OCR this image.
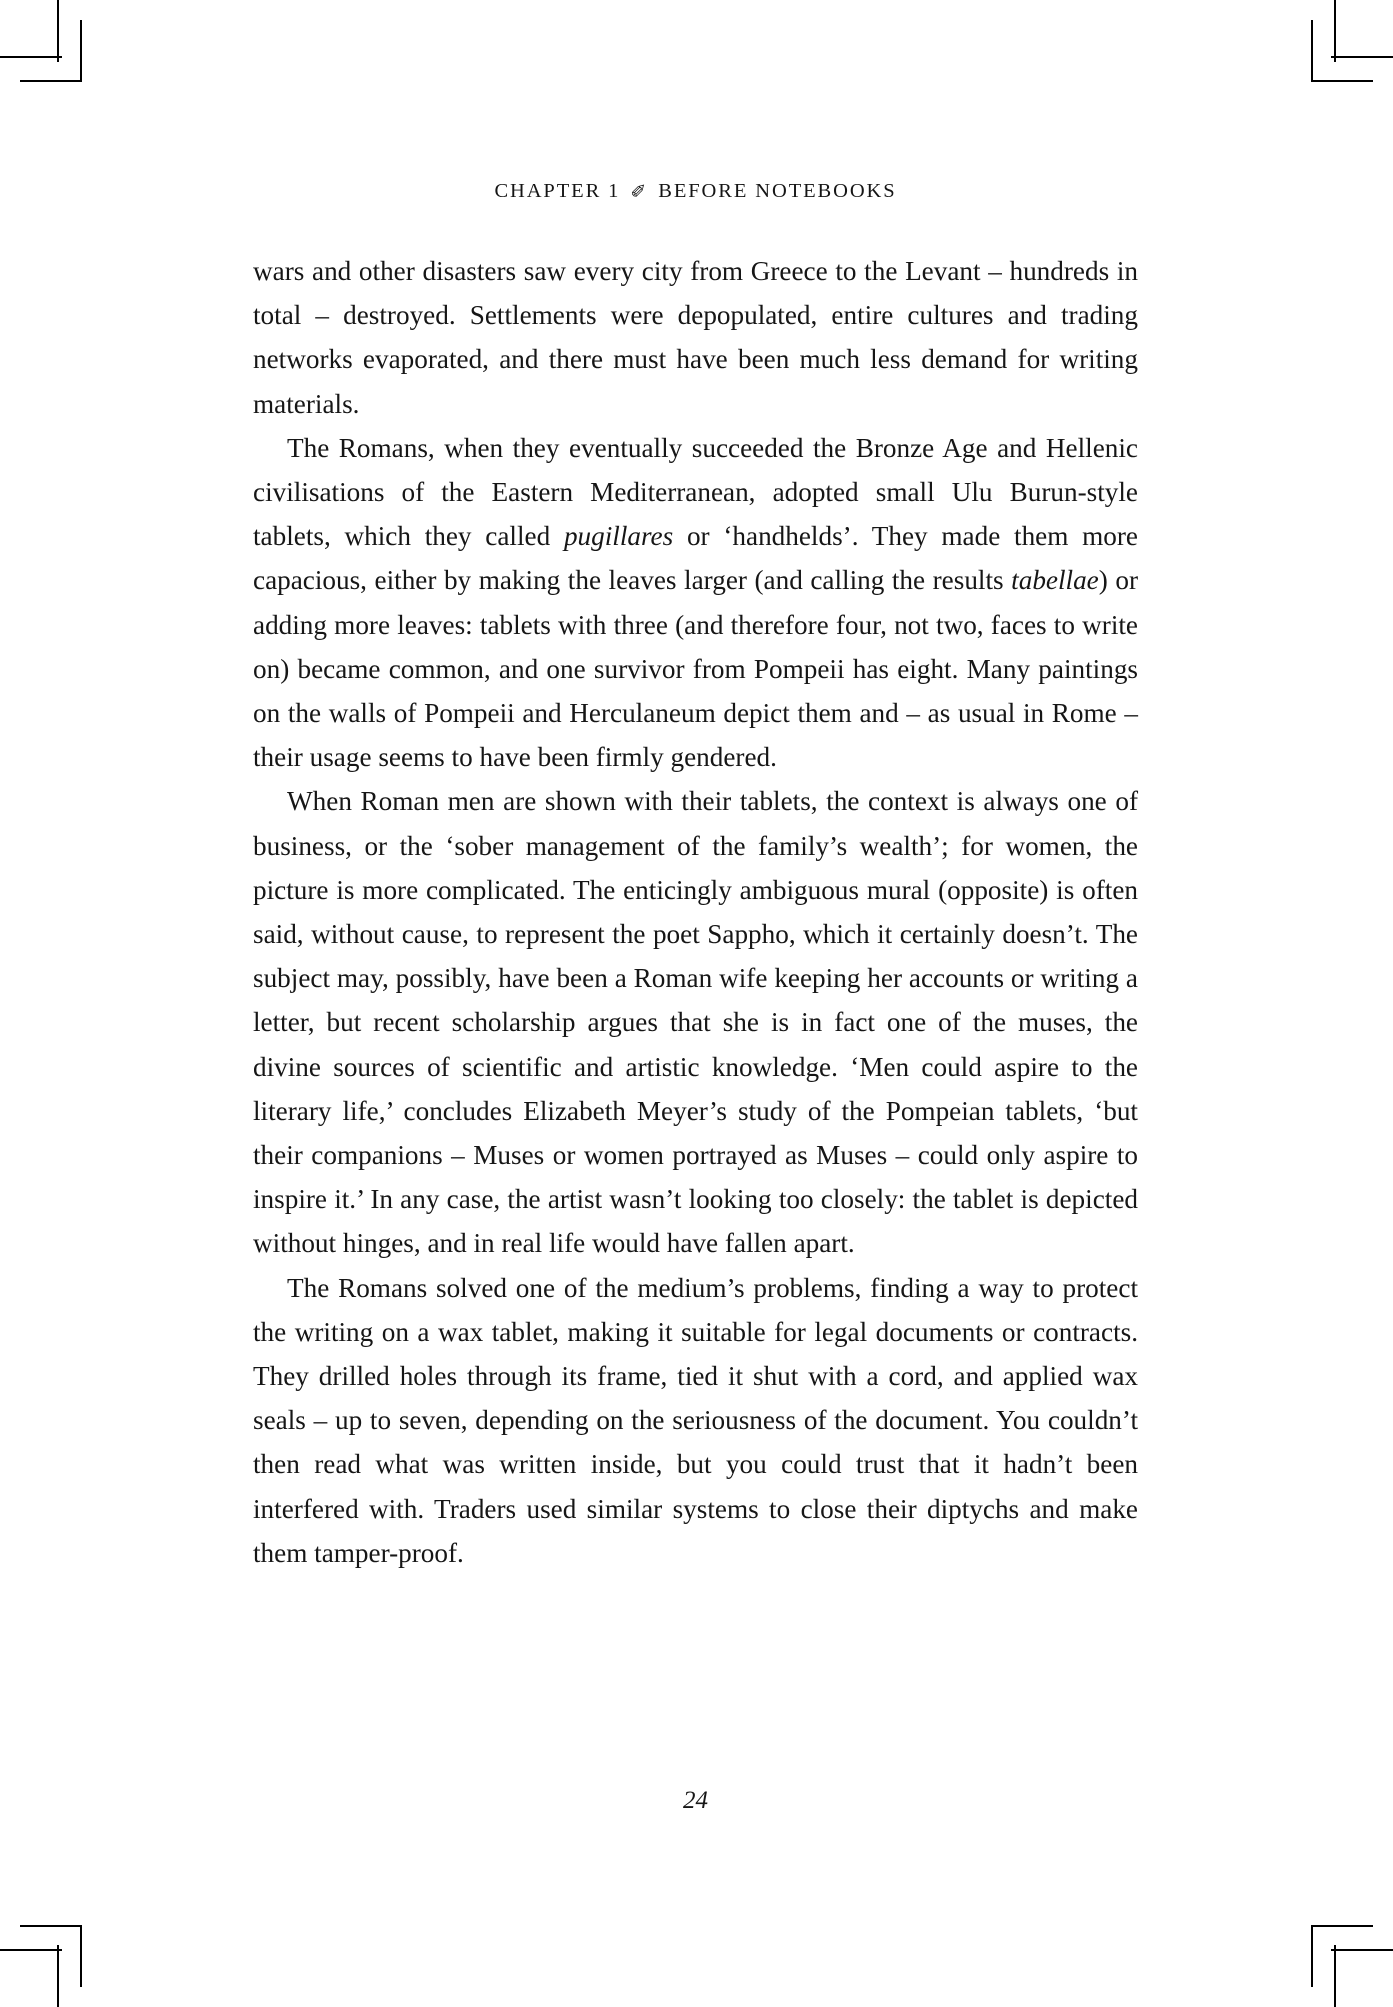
CHAPTER 1 ✐ BEFORE NOTEBOOKS

wars and other disasters saw every city from Greece to the Levant – hundreds in total – destroyed. Settlements were depopulated, entire cultures and trading networks evaporated, and there must have been much less demand for writing materials.

The Romans, when they eventually succeeded the Bronze Age and Hellenic civilisations of the Eastern Mediterranean, adopted small Ulu Burun-style tablets, which they called pugillares or ‘handhelds’. They made them more capacious, either by making the leaves larger (and calling the results tabellae) or adding more leaves: tablets with three (and therefore four, not two, faces to write on) became common, and one survivor from Pompeii has eight. Many paintings on the walls of Pompeii and Herculaneum depict them and – as usual in Rome – their usage seems to have been firmly gendered.

When Roman men are shown with their tablets, the context is always one of business, or the ‘sober management of the family’s wealth’; for women, the picture is more complicated. The enticingly ambiguous mural (opposite) is often said, without cause, to represent the poet Sappho, which it certainly doesn’t. The subject may, possibly, have been a Roman wife keeping her accounts or writing a letter, but recent scholarship argues that she is in fact one of the muses, the divine sources of scientific and artistic knowledge. ‘Men could aspire to the literary life,’ concludes Elizabeth Meyer’s study of the Pompeian tablets, ‘but their companions – Muses or women portrayed as Muses – could only aspire to inspire it.’ In any case, the artist wasn’t looking too closely: the tablet is depicted without hinges, and in real life would have fallen apart.

The Romans solved one of the medium’s problems, finding a way to protect the writing on a wax tablet, making it suitable for legal documents or contracts. They drilled holes through its frame, tied it shut with a cord, and applied wax seals – up to seven, depending on the seriousness of the document. You couldn’t then read what was written inside, but you could trust that it hadn’t been interfered with. Traders used similar systems to close their diptychs and make them tamper-proof.

24
